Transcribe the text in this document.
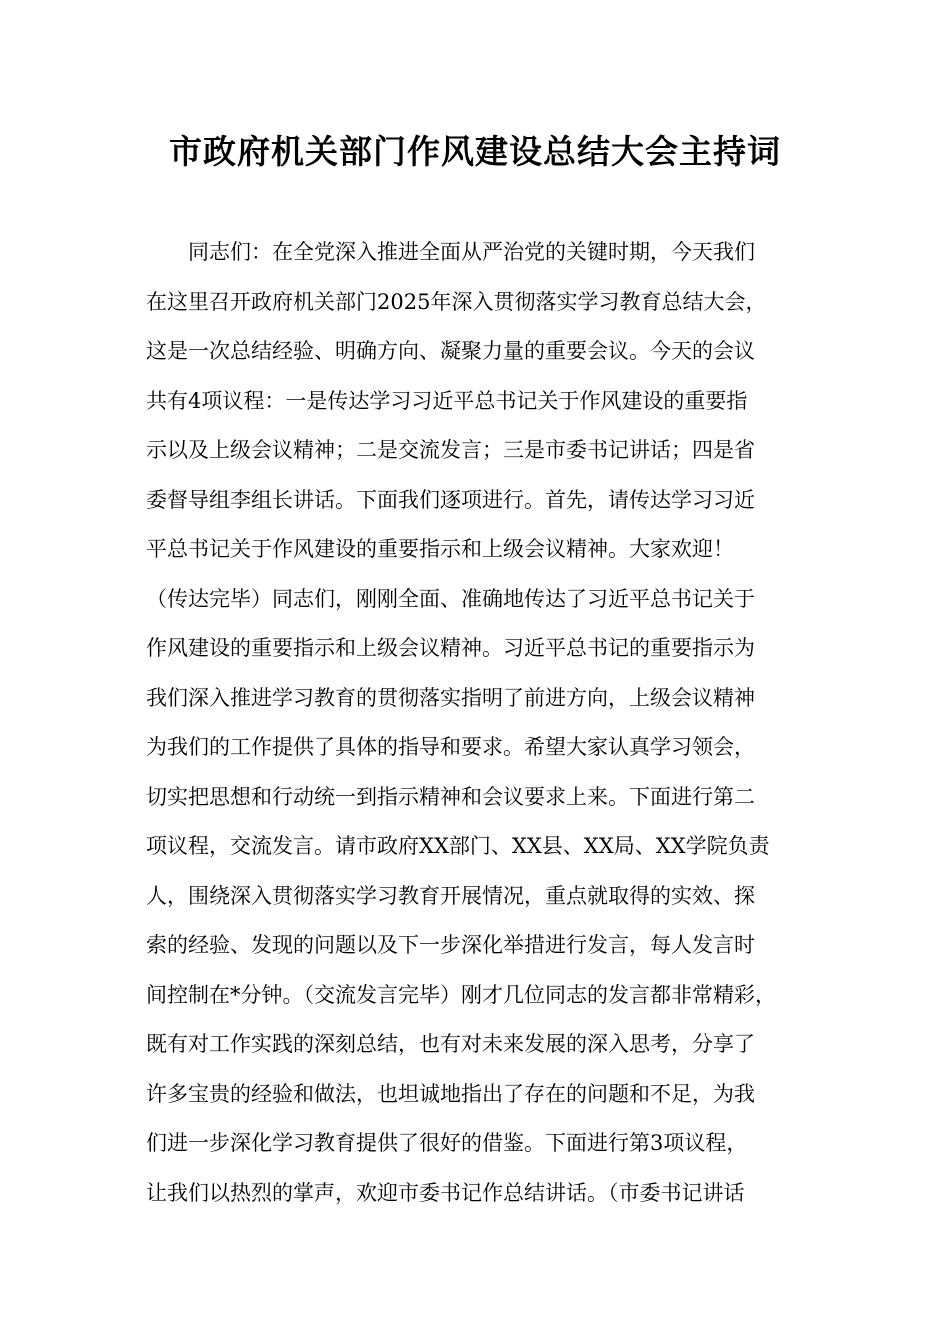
市政府机关部门作风建设总结大会主持词
同志们：在全党深入推进全面从严治党的关键时期，今天我们
在这里召开政府机关部门2025年深入贯彻落实学习教育总结大会，
这是一次总结经验、明确方向、凝聚力量的重要会议。今天的会议
共有4项议程：一是传达学习习近平总书记关于作风建设的重要指
示以及上级会议精神；二是交流发言；三是市委书记讲话；四是省
委督导组李组长讲话。下面我们逐项进行。首先，请传达学习习近
平总书记关于作风建设的重要指示和上级会议精神。大家欢迎！
（传达完毕）同志们，刚刚全面、准确地传达了习近平总书记关于
作风建设的重要指示和上级会议精神。习近平总书记的重要指示为
我们深入推进学习教育的贯彻落实指明了前进方向，上级会议精神
为我们的工作提供了具体的指导和要求。希望大家认真学习领会，
切实把思想和行动统一到指示精神和会议要求上来。下面进行第二
项议程，交流发言。请市政府XX部门、XX县、XX局、XX学院负责
人，围绕深入贯彻落实学习教育开展情况，重点就取得的实效、探
索的经验、发现的问题以及下一步深化举措进行发言，每人发言时
间控制在*分钟。（交流发言完毕）刚才几位同志的发言都非常精彩，
既有对工作实践的深刻总结，也有对未来发展的深入思考，分享了
许多宝贵的经验和做法，也坦诚地指出了存在的问题和不足，为我
们进一步深化学习教育提供了很好的借鉴。下面进行第3项议程，
让我们以热烈的掌声，欢迎市委书记作总结讲话。（市委书记讲话
